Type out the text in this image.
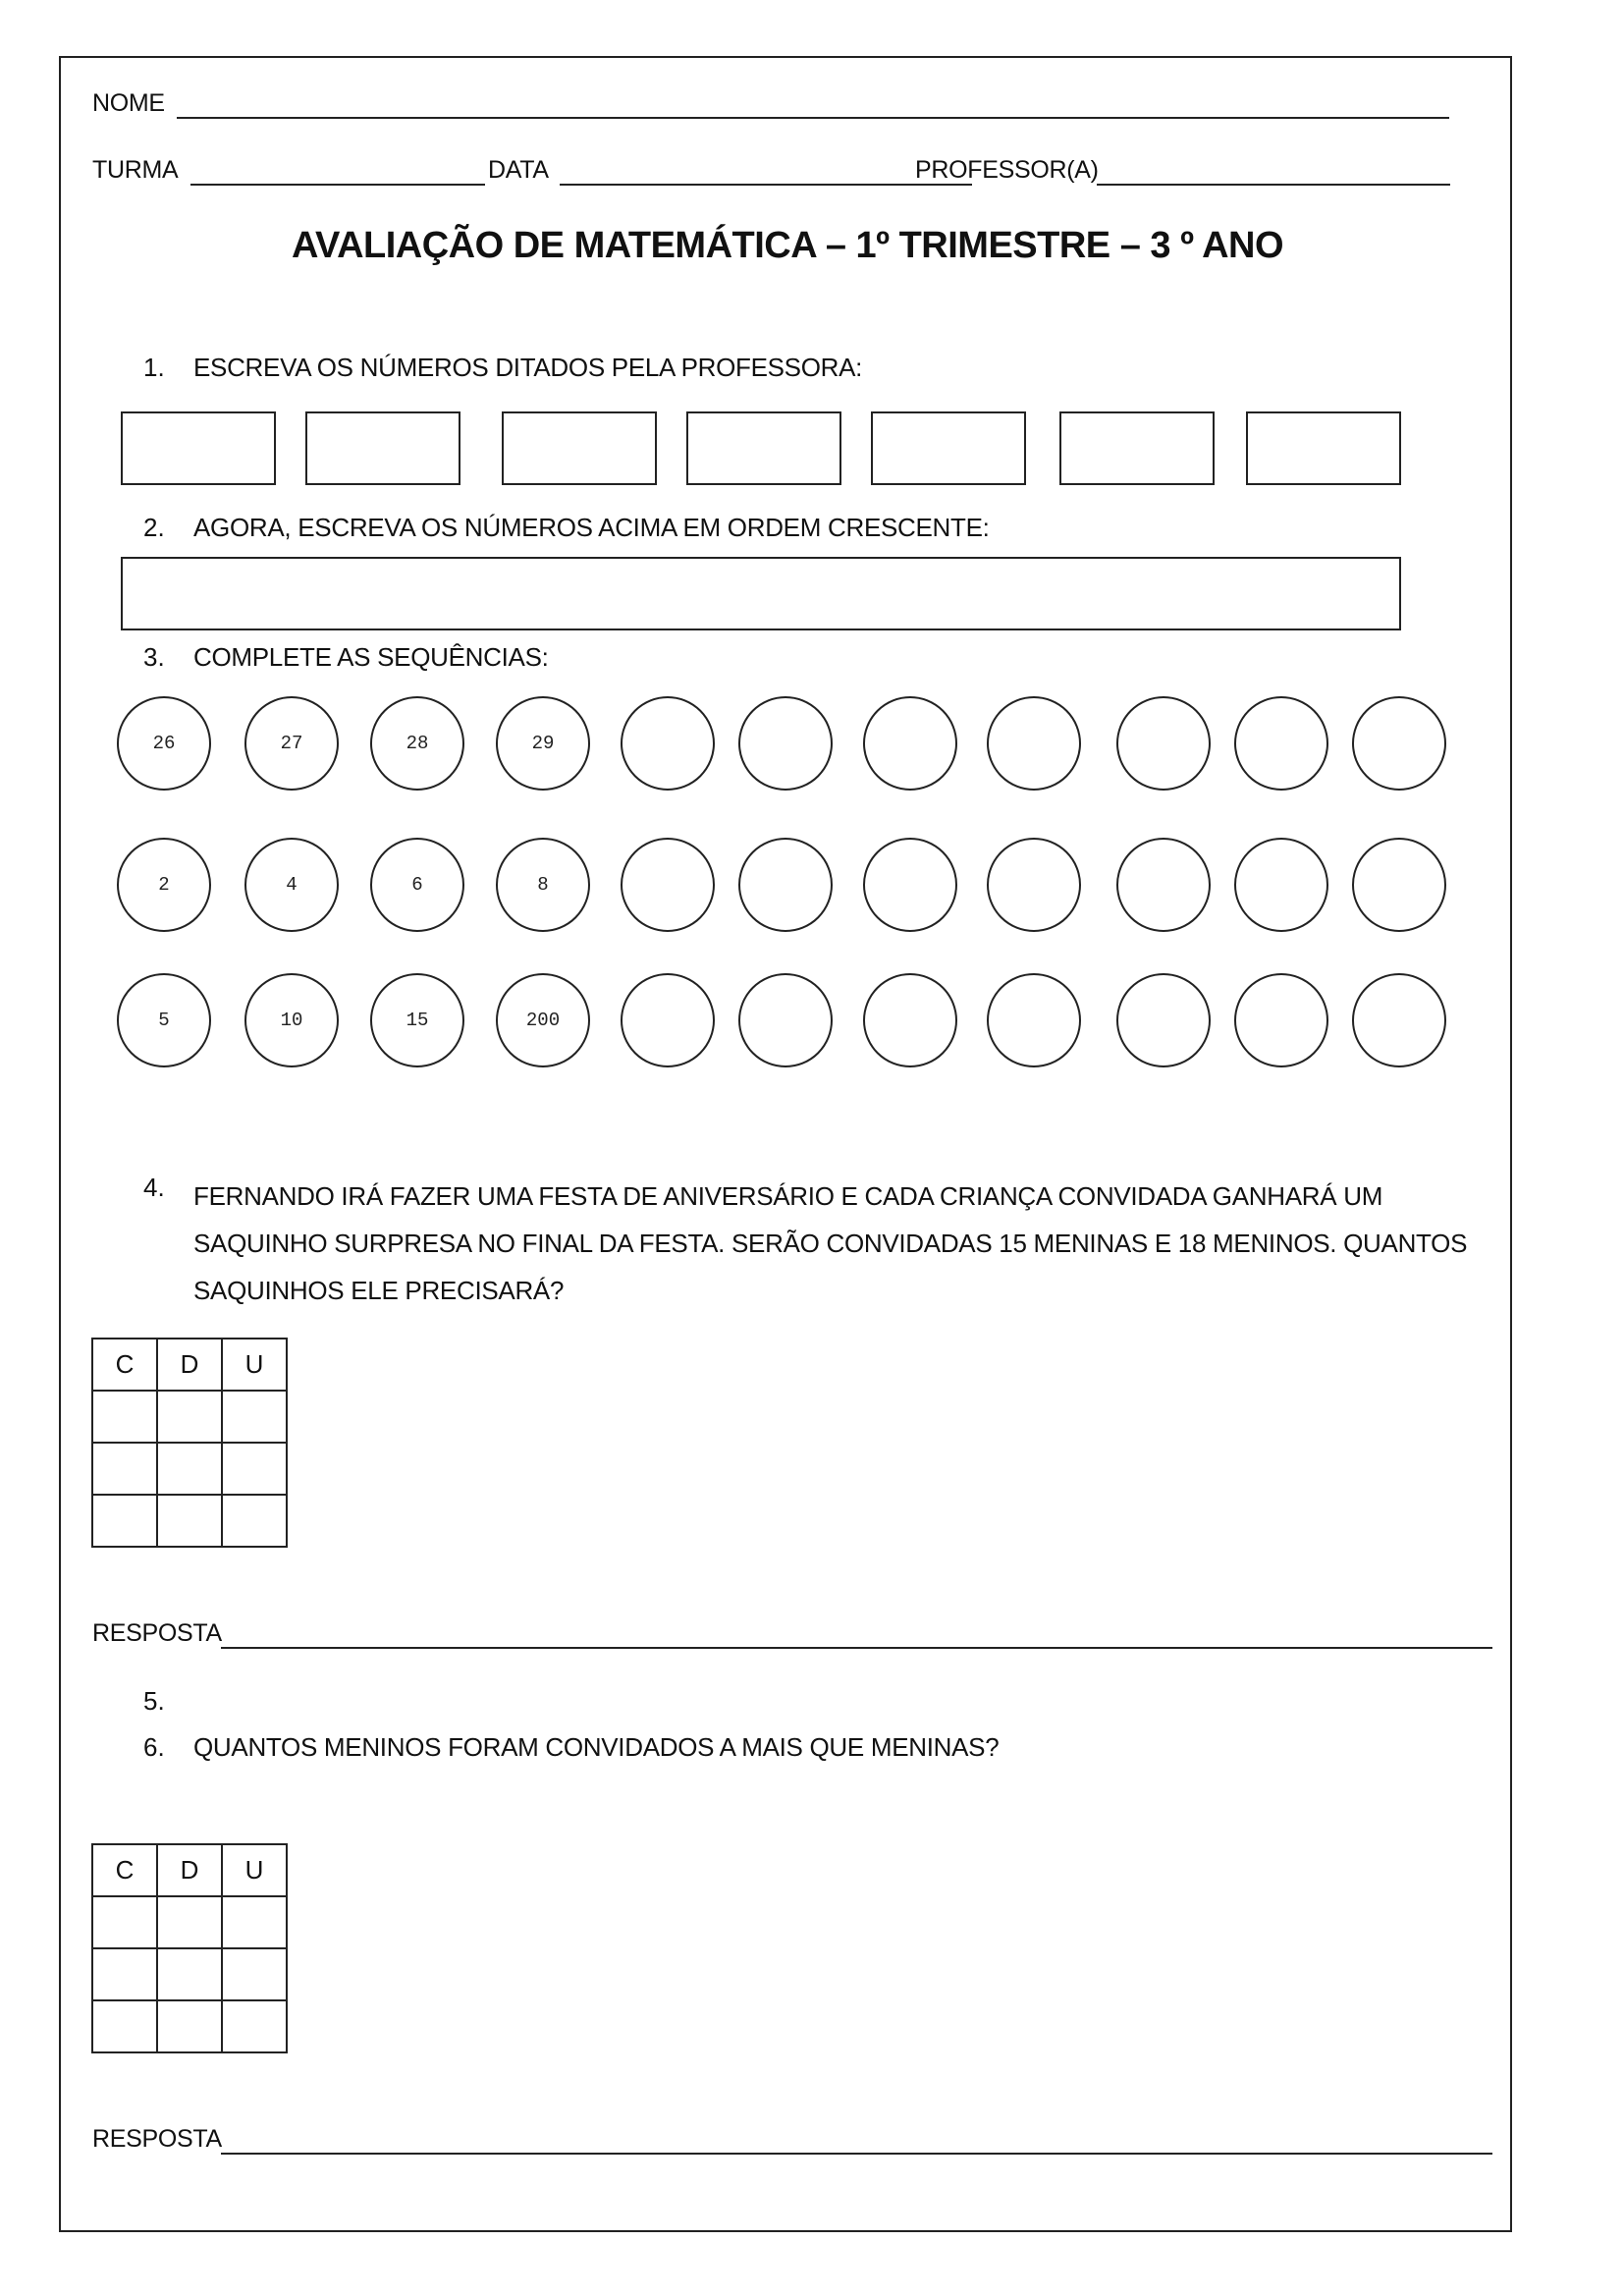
NOME
TURMA	DATA	PROFESSOR(A)
AVALIAÇÃO DE MATEMÁTICA – 1º TRIMESTRE – 3 º ANO
1. ESCREVA OS NÚMEROS DITADOS PELA PROFESSORA:
2. AGORA, ESCREVA OS NÚMEROS ACIMA EM ORDEM CRESCENTE:
3. COMPLETE AS SEQUÊNCIAS:
26	27	28	29
2	4	6	8
5	10	15	200
4. FERNANDO IRÁ FAZER UMA FESTA DE ANIVERSÁRIO E CADA CRIANÇA CONVIDADA GANHARÁ UM SAQUINHO SURPRESA NO FINAL DA FESTA. SERÃO CONVIDADAS 15 MENINAS E 18 MENINOS. QUANTOS SAQUINHOS ELE PRECISARÁ?
C	D	U

RESPOSTA
5.
6. QUANTOS MENINOS FORAM CONVIDADOS A MAIS QUE MENINAS?
C	D	U

RESPOSTA
